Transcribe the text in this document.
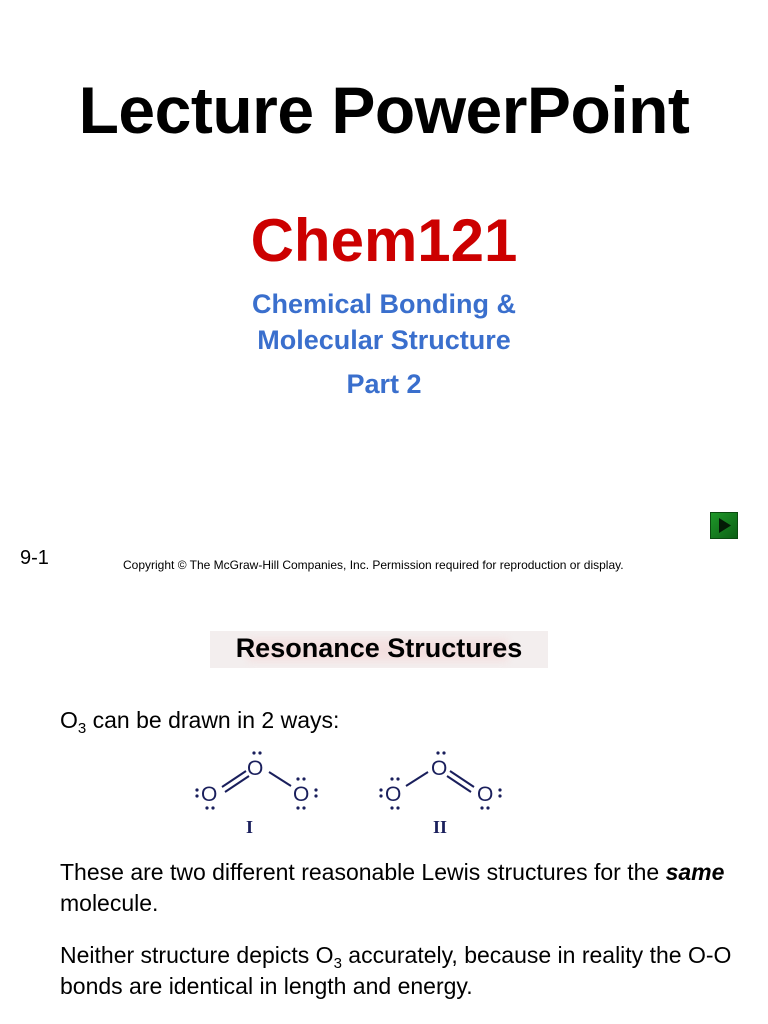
Lecture PowerPoint
Chem121
Chemical Bonding &
Molecular Structure
Part 2
9-1	Copyright © The McGraw-Hill Companies, Inc. Permission required for reproduction or display.
Resonance Structures
$O_3$ can be drawn in 2 ways:
O
O
O
I
O
O
O
II
These are two different reasonable Lewis structures for the same molecule.
Neither structure depicts $O_3$ accurately, because in reality the O-O bonds are identical in length and energy.
